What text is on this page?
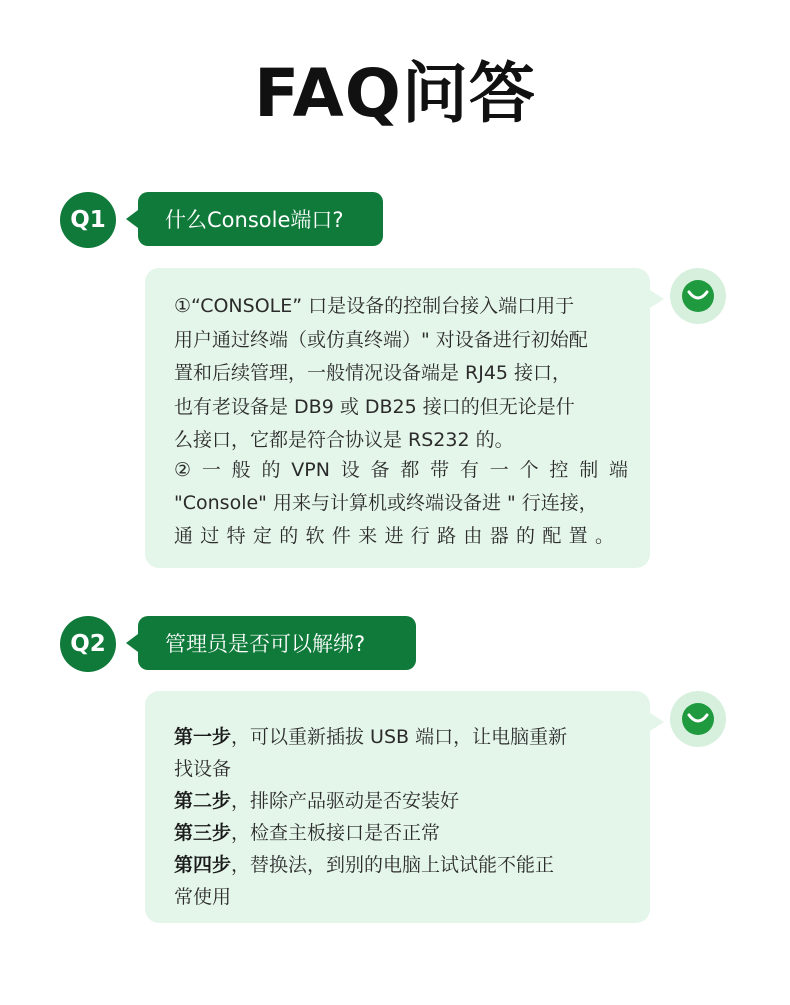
FAQ问答
Q1	什么Console端口?
①“CONSOLE” 口是设备的控制台接入端口用于
用户通过终端（或仿真终端）" 对设备进行初始配
置和后续管理，一般情况设备端是 RJ45 接口，
也有老设备是 DB9 或 DB25 接口的但无论是什
么接口，它都是符合协议是 RS232 的。
②一般的VPN设备都带有一个控制端
"Console" 用来与计算机或终端设备进 " 行连接，
通过特定的软件来进行路由器的配置。
Q2	管理员是否可以解绑?
第一步，可以重新插拔 USB 端口，让电脑重新
找设备
第二步，排除产品驱动是否安装好
第三步，检查主板接口是否正常
第四步，替换法，到别的电脑上试试能不能正
常使用
